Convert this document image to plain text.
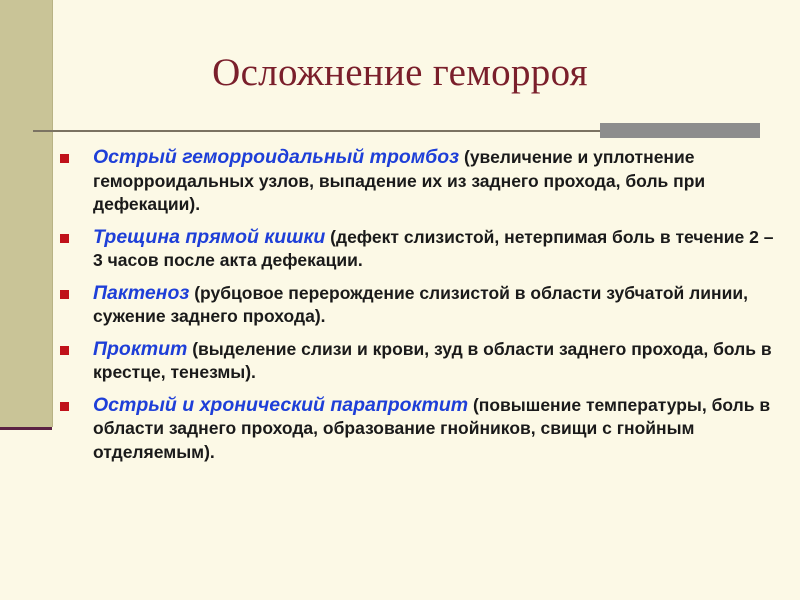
Осложнение геморроя
Острый геморроидальный тромбоз (увеличение и уплотнение геморроидальных узлов, выпадение их из заднего прохода, боль при дефекации).
Трещина прямой кишки (дефект слизистой, нетерпимая боль в течение 2 – 3 часов после акта дефекации.
Пактеноз (рубцовое перерождение слизистой в области зубчатой линии, сужение заднего прохода).
Проктит (выделение слизи и крови, зуд в области заднего прохода, боль в крестце, тенезмы).
Острый и хронический парапроктит (повышение температуры, боль в области заднего прохода, образование гнойников, свищи с гнойным отделяемым).
